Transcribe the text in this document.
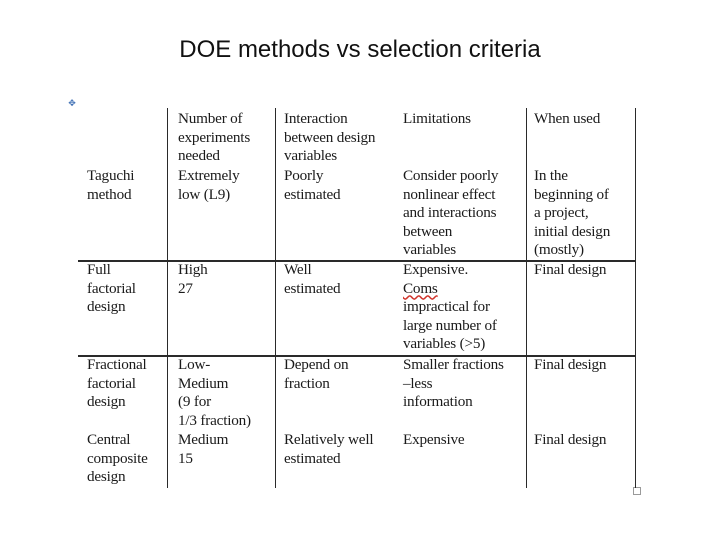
DOE methods vs selection criteria
✥
Number of
experiments
needed
Interaction
between design
variables
Limitations	When used
Taguchi
method
Extremely
low (L9)
Poorly
estimated
Consider poorly
nonlinear effect
and interactions
between
variables
In the
beginning of
a project,
initial design
(mostly)
Full
factorial
design
High
27
Well
estimated
Expensive.
Coms
impractical for
large number of
variables (>5)
Final design
Fractional
factorial
design
Low-
Medium
(9 for
1/3 fraction)
Depend on
fraction
Smaller fractions
–less
information
Final design
Central
composite
design
Medium
15
Relatively well
estimated
Expensive	Final design
